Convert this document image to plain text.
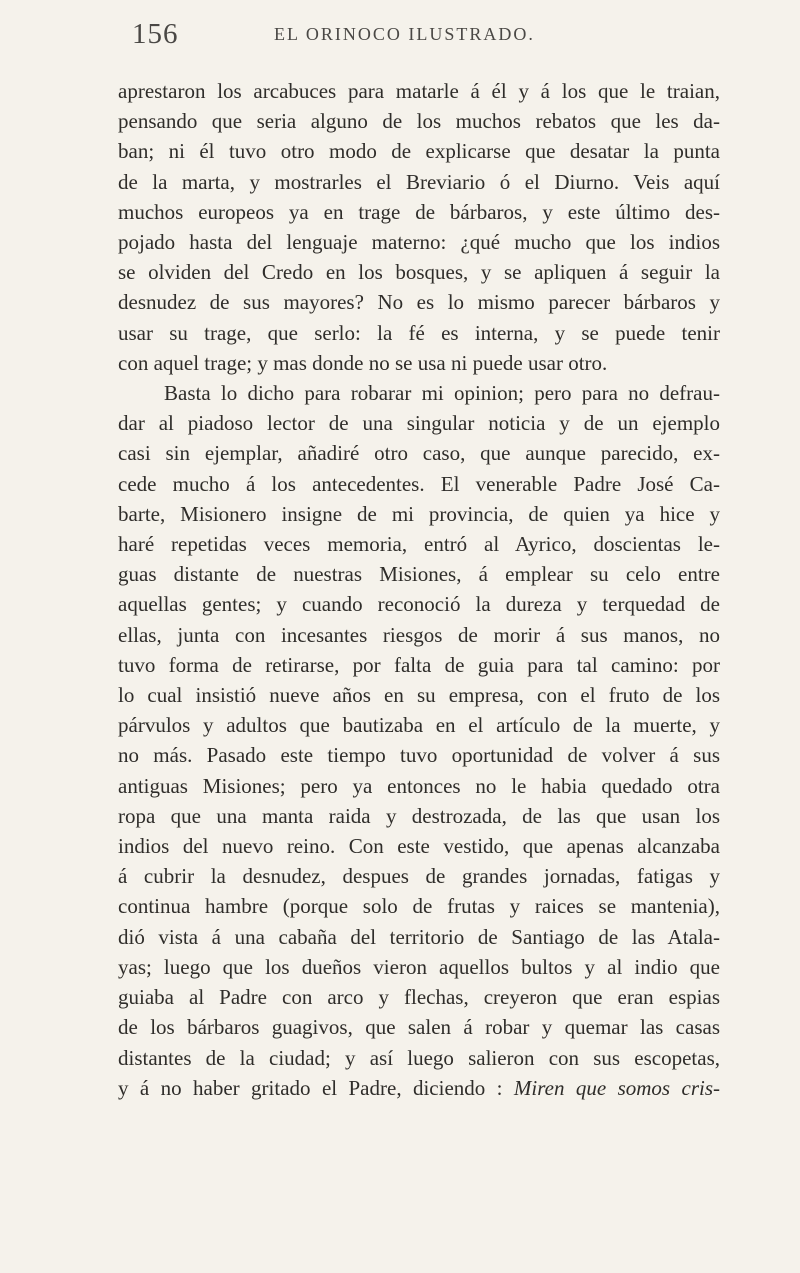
156	EL ORINOCO ILUSTRADO.
aprestaron los arcabuces para matarle á él y á los que le traian,
pensando que seria alguno de los muchos rebatos que les da-
ban; ni él tuvo otro modo de explicarse que desatar la punta
de la marta, y mostrarles el Breviario ó el Diurno. Veis aquí
muchos europeos ya en trage de bárbaros, y este último des-
pojado hasta del lenguaje materno: ¿qué mucho que los indios
se olviden del Credo en los bosques, y se apliquen á seguir la
desnudez de sus mayores? No es lo mismo parecer bárbaros y
usar su trage, que serlo: la fé es interna, y se puede tenir
con aquel trage; y mas donde no se usa ni puede usar otro.
Basta lo dicho para robarar mi opinion; pero para no defrau-
dar al piadoso lector de una singular noticia y de un ejemplo
casi sin ejemplar, añadiré otro caso, que aunque parecido, ex-
cede mucho á los antecedentes. El venerable Padre José Ca-
barte, Misionero insigne de mi provincia, de quien ya hice y
haré repetidas veces memoria, entró al Ayrico, doscientas le-
guas distante de nuestras Misiones, á emplear su celo entre
aquellas gentes; y cuando reconoció la dureza y terquedad de
ellas, junta con incesantes riesgos de morir á sus manos, no
tuvo forma de retirarse, por falta de guia para tal camino: por
lo cual insistió nueve años en su empresa, con el fruto de los
párvulos y adultos que bautizaba en el artículo de la muerte, y
no más. Pasado este tiempo tuvo oportunidad de volver á sus
antiguas Misiones; pero ya entonces no le habia quedado otra
ropa que una manta raida y destrozada, de las que usan los
indios del nuevo reino. Con este vestido, que apenas alcanzaba
á cubrir la desnudez, despues de grandes jornadas, fatigas y
continua hambre (porque solo de frutas y raices se mantenia),
dió vista á una cabaña del territorio de Santiago de las Atala-
yas; luego que los dueños vieron aquellos bultos y al indio que
guiaba al Padre con arco y flechas, creyeron que eran espias
de los bárbaros guagivos, que salen á robar y quemar las casas
distantes de la ciudad; y así luego salieron con sus escopetas,
y á no haber gritado el Padre, diciendo : Miren que somos cris-
